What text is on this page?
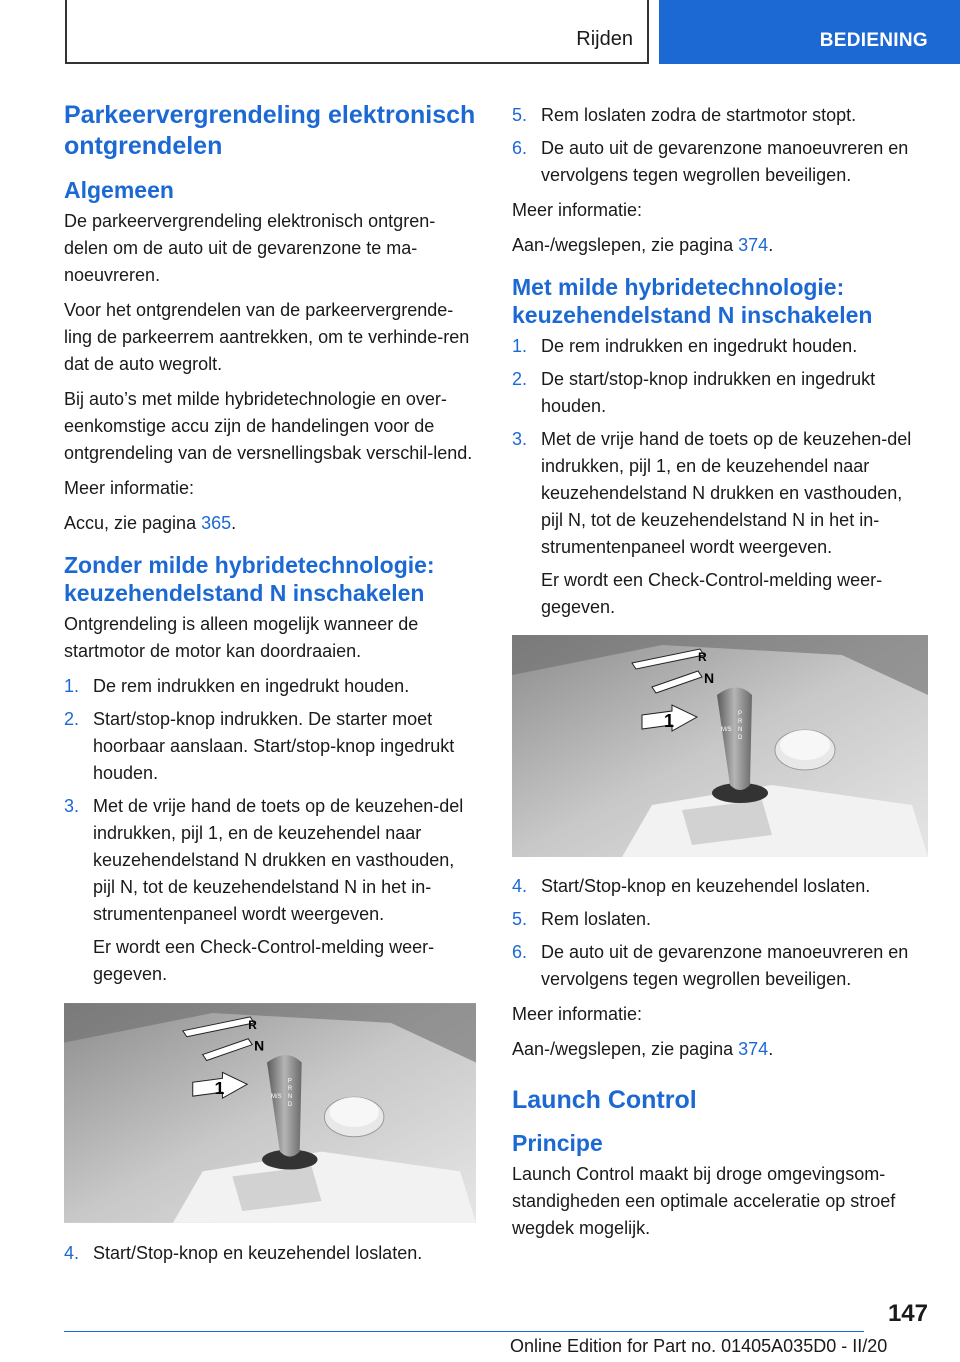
Rijden	BEDIENING
Parkeervergrendeling elektronisch ontgrendelen
Algemeen

De parkeervergrendeling elektronisch ontgren-delen om de auto uit de gevarenzone te ma-noeuvreren.

Voor het ontgrendelen van de parkeervergrende-ling de parkeerrem aantrekken, om te verhinde-ren dat de auto wegrolt.

Bij auto’s met milde hybridetechnologie en over-eenkomstige accu zijn de handelingen voor de ontgrendeling van de versnellingsbak verschil-lend.

Meer informatie:

Accu, zie pagina 365.

Zonder milde hybridetechnologie: keuzehendelstand N inschakelen

Ontgrendeling is alleen mogelijk wanneer de startmotor de motor kan doordraaien.

1. De rem indrukken en ingedrukt houden.
2. Start/stop-knop indrukken. De starter moet hoorbaar aanslaan. Start/stop-knop ingedrukt houden.
3. Met de vrije hand de toets op de keuzehen-del indrukken, pijl 1, en de keuzehendel naar keuzehendelstand N drukken en vasthouden, pijl N, tot de keuzehendelstand N in het in-strumentenpaneel wordt weergeven.
Er wordt een Check-Control-melding weer-gegeven.
M/S
P
R
N
D
R
N
1
4. Start/Stop-knop en keuzehendel loslaten.
5. Rem loslaten zodra de startmotor stopt.
6. De auto uit de gevarenzone manoeuvreren en vervolgens tegen wegrollen beveiligen.

Meer informatie:

Aan-/wegslepen, zie pagina 374.

Met milde hybridetechnologie: keuzehendelstand N inschakelen
1. De rem indrukken en ingedrukt houden.
2. De start/stop-knop indrukken en ingedrukt houden.
3. Met de vrije hand de toets op de keuzehen-del indrukken, pijl 1, en de keuzehendel naar keuzehendelstand N drukken en vasthouden, pijl N, tot de keuzehendelstand N in het in-strumentenpaneel wordt weergeven.
Er wordt een Check-Control-melding weer-gegeven.
M/S
P
R
N
D
R
N
1
4. Start/Stop-knop en keuzehendel loslaten.
5. Rem loslaten.
6. De auto uit de gevarenzone manoeuvreren en vervolgens tegen wegrollen beveiligen.

Meer informatie:

Aan-/wegslepen, zie pagina 374.

Launch Control
Principe

Launch Control maakt bij droge omgevingsom-standigheden een optimale acceleratie op stroef wegdek mogelijk.

147
Online Edition for Part no. 01405A035D0 - II/20
